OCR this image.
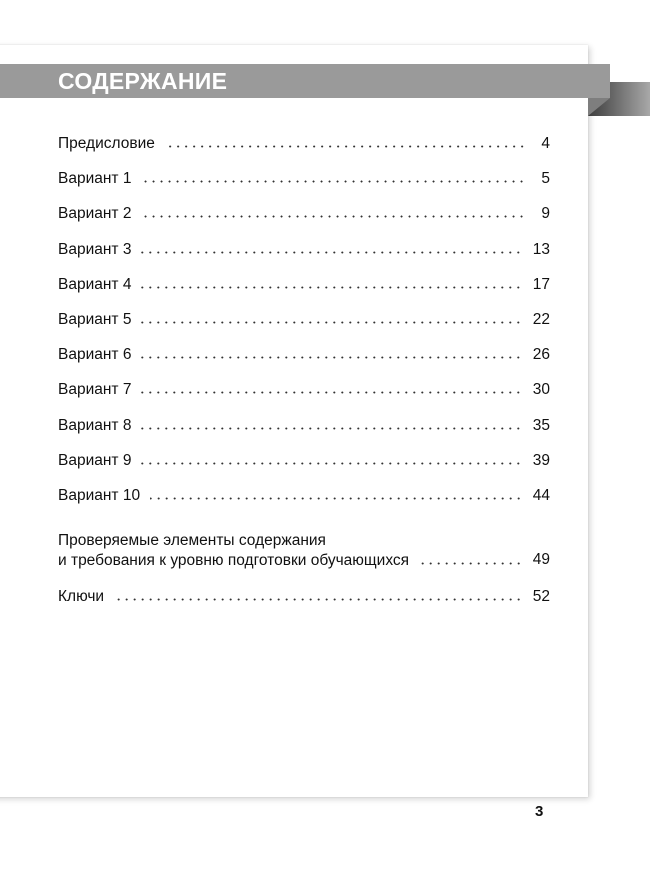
СОДЕРЖАНИЕ
Предисловие	4
Вариант 1	5
Вариант 2	9
Вариант 3	13
Вариант 4	17
Вариант 5	22
Вариант 6	26
Вариант 7	30
Вариант 8	35
Вариант 9	39
Вариант 10	44
Проверяемые элементы содержания
и требования к уровню подготовки обучающихся	49
Ключи	52
3
